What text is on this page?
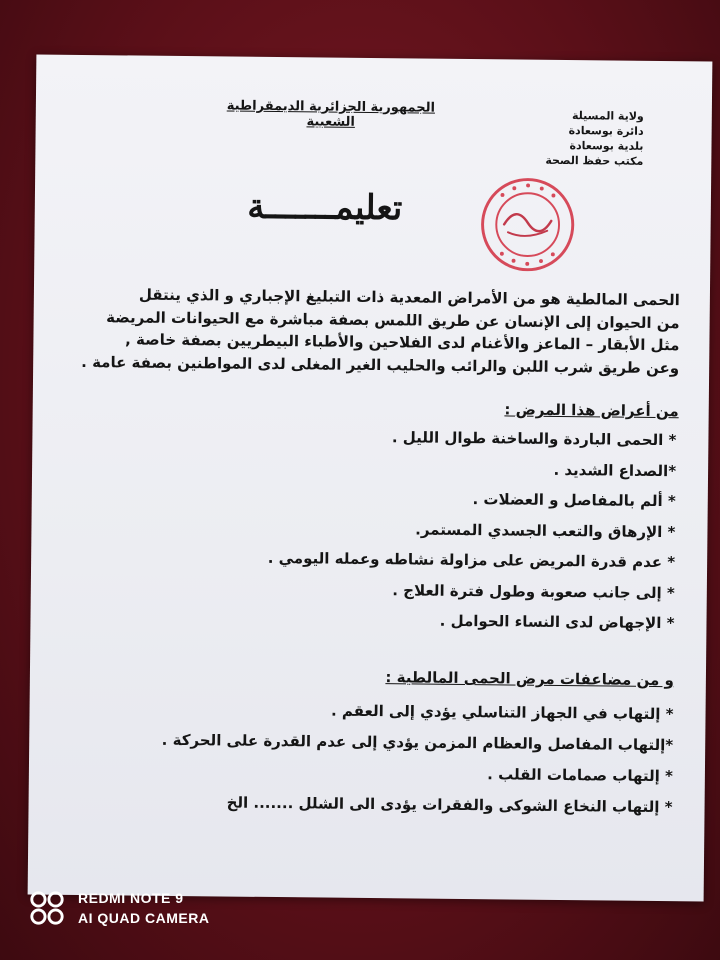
الجمهورية الجزائرية الديمقراطية الشعبية	ولاية المسيلة
دائرة بوسعادة
بلدية بوسعادة
مكتب حفظ الصحة
تعليمـــــــة
الحمى المالطية هو من الأمراض المعدية ذات التبليغ الإجباري و الذي ينتقل
من الحيوان إلى الإنسان عن طريق اللمس بصفة مباشرة مع الحيوانات المريضة
مثل الأبقار – الماعز والأغنام لدى الفلاحين والأطباء البيطريين بصفة خاصة ,
وعن طريق شرب اللبن والرائب والحليب الغير المغلى لدى المواطنين بصفة عامة .
من أعراض هذا المرض :
* الحمى الباردة والساخنة طوال الليل .
*الصداع الشديد .
* ألم بالمفاصل و العضلات .
* الإرهاق والتعب الجسدي المستمر.
* عدم قدرة المريض على مزاولة نشاطه وعمله اليومي .
* إلى جانب صعوبة وطول فترة العلاج .
* الإجهاض لدى النساء الحوامل .
و من مضاعفات مرض الحمى المالطية :
* إلتهاب في الجهاز التناسلي يؤدي إلى العقم .
*إلتهاب المفاصل والعظام المزمن يؤدي إلى عدم القدرة على الحركة .
* إلتهاب صمامات القلب .
* إلتهاب النخاع الشوكى والفقرات يؤدى الى الشلل ....... الخ
REDMI NOTE 9
AI QUAD CAMERA
